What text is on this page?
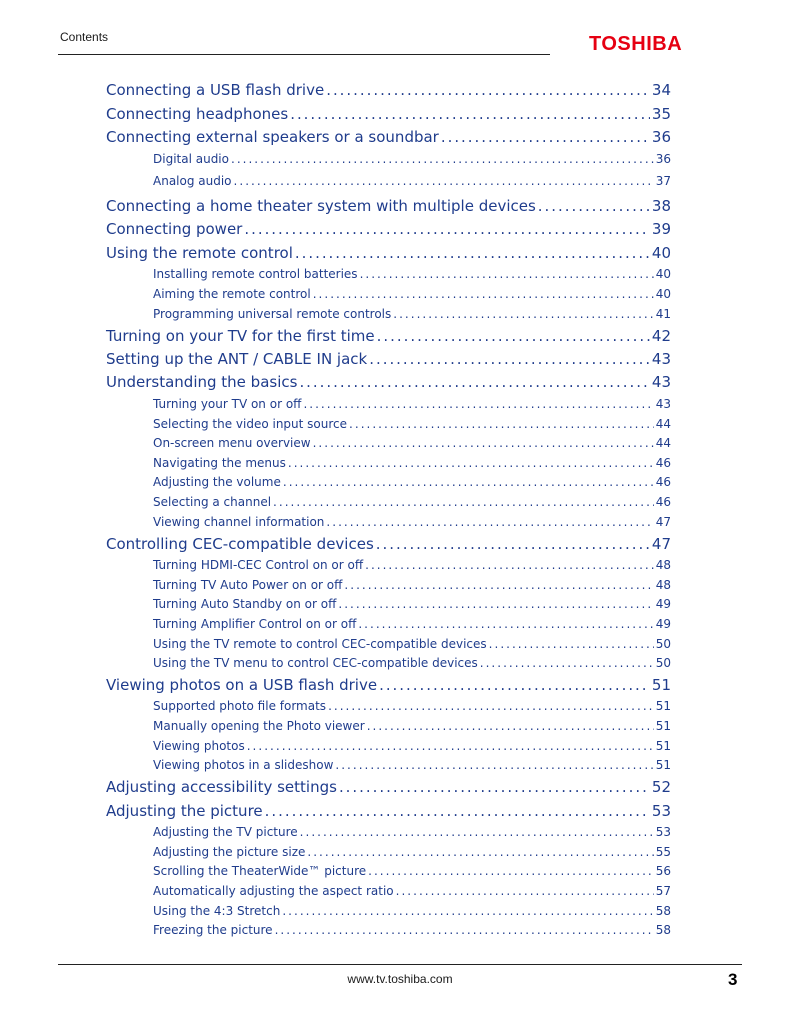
Contents	TOSHIBA
Connecting a USB flash drive . . .	34
Connecting headphones . . .	35
Connecting external speakers or a soundbar . . .	36
Digital audio . . .	36
Analog audio . . .	37
Connecting a home theater system with multiple devices . . .	38
Connecting power . . .	39
Using the remote control . . .	40
Installing remote control batteries . . .	40
Aiming the remote control . . .	40
Programming universal remote controls . . .	41
Turning on your TV for the first time . . .	42
Setting up the ANT / CABLE IN jack . . .	43
Understanding the basics . . .	43
Turning your TV on or off . . .	43
Selecting the video input source . . .	44
On-screen menu overview . . .	44
Navigating the menus . . .	46
Adjusting the volume . . .	46
Selecting a channel . . .	46
Viewing channel information . . .	47
Controlling CEC-compatible devices . . .	47
Turning HDMI-CEC Control on or off . . .	48
Turning TV Auto Power on or off . . .	48
Turning Auto Standby on or off . . .	49
Turning Amplifier Control on or off . . .	49
Using the TV remote to control CEC-compatible devices . . .	50
Using the TV menu to control CEC-compatible devices . . .	50
Viewing photos on a USB flash drive . . .	51
Supported photo file formats . . .	51
Manually opening the Photo viewer . . .	51
Viewing photos . . .	51
Viewing photos in a slideshow . . .	51
Adjusting accessibility settings . . .	52
Adjusting the picture . . .	53
Adjusting the TV picture . . .	53
Adjusting the picture size . . .	55
Scrolling the TheaterWide™ picture . . .	56
Automatically adjusting the aspect ratio . . .	57
Using the 4:3 Stretch . . .	58
Freezing the picture . . .	58
www.tv.toshiba.com	3
